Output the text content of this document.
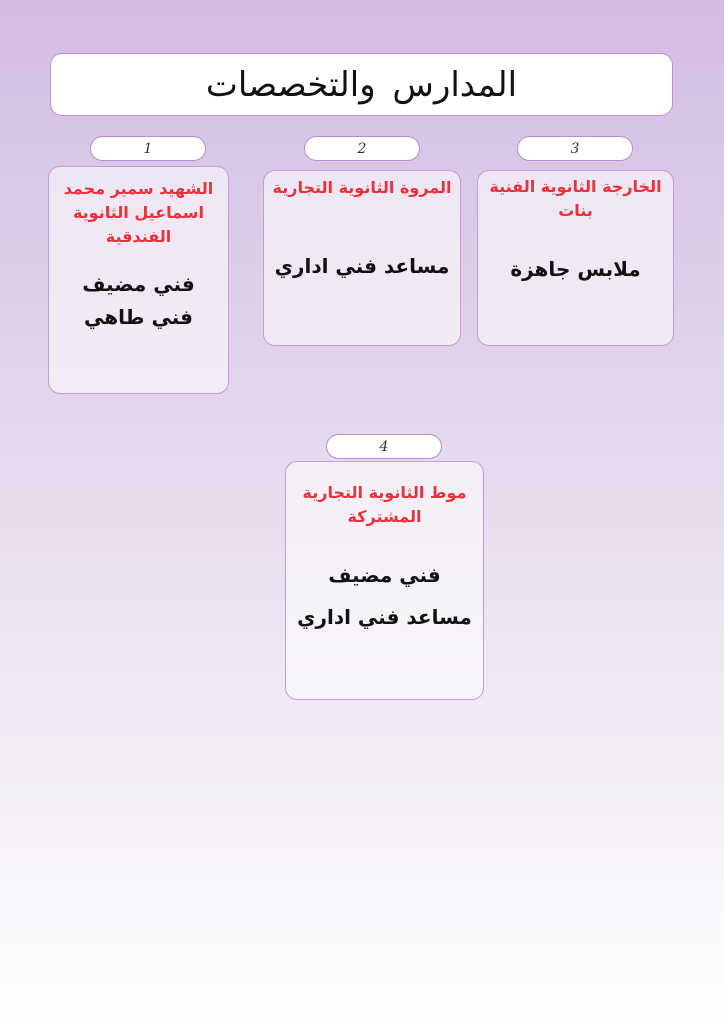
المدارس والتخصصات
1	2	3
4

الشهيد سمير محمد اسماعيل الثانوية الفندقية

فني مضيف

فني طاهي

المروة الثانوية التجارية

مساعد فني اداري

الخارجة الثانوية الفنية بنات

ملابس جاهزة

موط الثانوية التجارية المشتركة

فني مضيف

مساعد فني اداري
